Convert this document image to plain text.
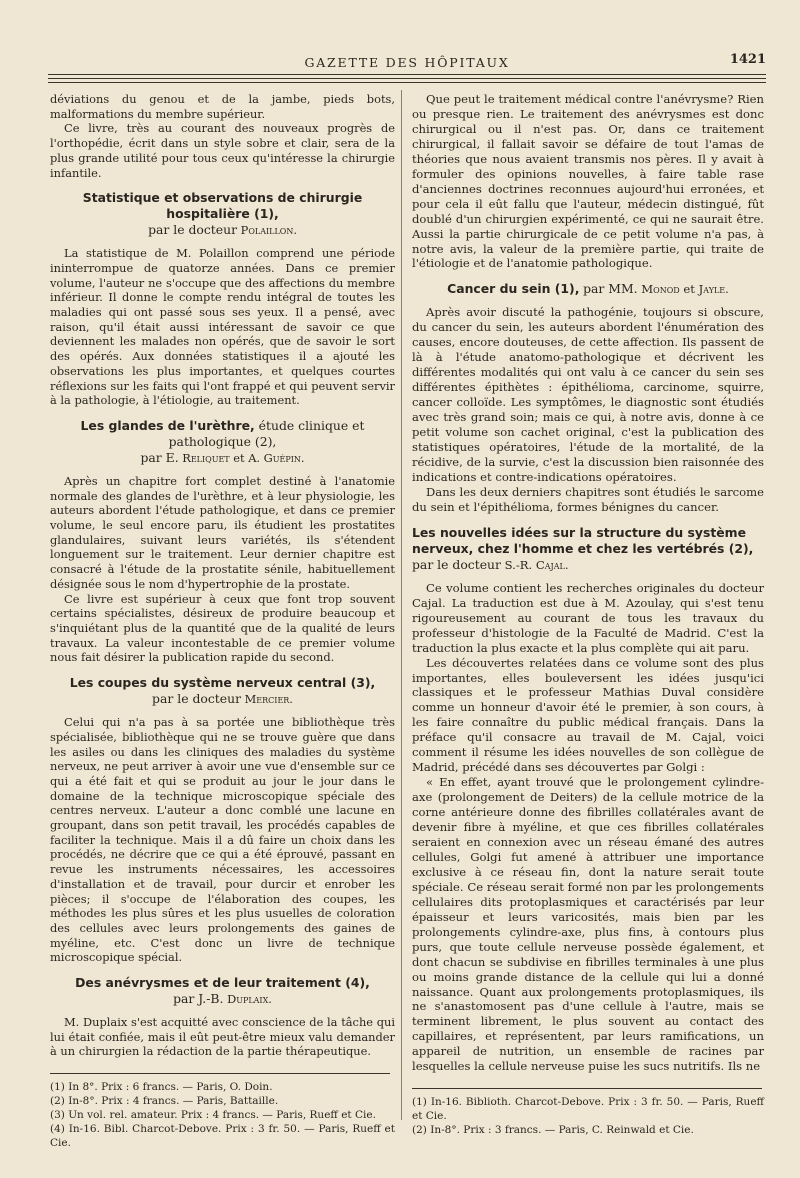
GAZETTE DES HÔPITAUX	1421

déviations du genou et de la jambe, pieds bots, malformations du membre supérieur.

Ce livre, très au courant des nouveaux progrès de l'orthopédie, écrit dans un style sobre et clair, sera de la plus grande utilité pour tous ceux qu'intéresse la chirurgie infantile.

Statistique et observations de chirurgie hospitalière (1),
par le docteur Polaillon.

La statistique de M. Polaillon comprend une période ininterrompue de quatorze années. Dans ce premier volume, l'auteur ne s'occupe que des affections du membre inférieur. Il donne le compte rendu intégral de toutes les maladies qui ont passé sous ses yeux. Il a pensé, avec raison, qu'il était aussi intéressant de savoir ce que deviennent les malades non opérés, que de savoir le sort des opérés. Aux données statistiques il a ajouté les observations les plus importantes, et quelques courtes réflexions sur les faits qui l'ont frappé et qui peuvent servir à la pathologie, à l'étiologie, au traitement.

Les glandes de l'urèthre, étude clinique et pathologique (2),
par E. Reliquet et A. Guépin.

Après un chapitre fort complet destiné à l'anatomie normale des glandes de l'urèthre, et à leur physiologie, les auteurs abordent l'étude pathologique, et dans ce premier volume, le seul encore paru, ils étudient les prostatites glandulaires, suivant leurs variétés, ils s'étendent longuement sur le traitement. Leur dernier chapitre est consacré à l'étude de la prostatite sénile, habituellement désignée sous le nom d'hypertrophie de la prostate.

Ce livre est supérieur à ceux que font trop souvent certains spécialistes, désireux de produire beaucoup et s'inquiétant plus de la quantité que de la qualité de leurs travaux. La valeur incontestable de ce premier volume nous fait désirer la publication rapide du second.

Les coupes du système nerveux central (3),
par le docteur Mercier.

Celui qui n'a pas à sa portée une bibliothèque très spécialisée, bibliothèque qui ne se trouve guère que dans les asiles ou dans les cliniques des maladies du système nerveux, ne peut arriver à avoir une vue d'ensemble sur ce qui a été fait et qui se produit au jour le jour dans le domaine de la technique microscopique spéciale des centres nerveux. L'auteur a donc comblé une lacune en groupant, dans son petit travail, les procédés capables de faciliter la technique. Mais il a dû faire un choix dans les procédés, ne décrire que ce qui a été éprouvé, passant en revue les instruments nécessaires, les accessoires d'installation et de travail, pour durcir et enrober les pièces; il s'occupe de l'élaboration des coupes, les méthodes les plus sûres et les plus usuelles de coloration des cellules avec leurs prolongements des gaines de myéline, etc. C'est donc un livre de technique microscopique spécial.

Des anévrysmes et de leur traitement (4),
par J.-B. Duplaix.

M. Duplaix s'est acquitté avec conscience de la tâche qui lui était confiée, mais il eût peut-être mieux valu demander à un chirurgien la rédaction de la partie thérapeutique.

(1) In 8°. Prix : 6 francs. — Paris, O. Doin.
(2) In-8°. Prix : 4 francs. — Paris, Battaille.
(3) Un vol. rel. amateur. Prix : 4 francs. — Paris, Rueff et Cie.
(4) In-16. Bibl. Charcot-Debove. Prix : 3 fr. 50. — Paris, Rueff et Cie.

Que peut le traitement médical contre l'anévrysme? Rien ou presque rien. Le traitement des anévrysmes est donc chirurgical ou il n'est pas. Or, dans ce traitement chirurgical, il fallait savoir se défaire de tout l'amas de théories que nous avaient transmis nos pères. Il y avait à formuler des opinions nouvelles, à faire table rase d'anciennes doctrines reconnues aujourd'hui erronées, et pour cela il eût fallu que l'auteur, médecin distingué, fût doublé d'un chirurgien expérimenté, ce qui ne saurait être. Aussi la partie chirurgicale de ce petit volume n'a pas, à notre avis, la valeur de la première partie, qui traite de l'étiologie et de l'anatomie pathologique.

Cancer du sein (1), par MM. Monod et Jayle.

Après avoir discuté la pathogénie, toujours si obscure, du cancer du sein, les auteurs abordent l'énumération des causes, encore douteuses, de cette affection. Ils passent de là à l'étude anatomo-pathologique et décrivent les différentes modalités qui ont valu à ce cancer du sein ses différentes épithètes : épithélioma, carcinome, squirre, cancer colloïde. Les symptômes, le diagnostic sont étudiés avec très grand soin; mais ce qui, à notre avis, donne à ce petit volume son cachet original, c'est la publication des statistiques opératoires, l'étude de la mortalité, de la récidive, de la survie, c'est la discussion bien raisonnée des indications et contre-indications opératoires.

Dans les deux derniers chapitres sont étudiés le sarcome du sein et l'épithélioma, formes bénignes du cancer.

Les nouvelles idées sur la structure du système nerveux, chez l'homme et chez les vertébrés (2), par le docteur S.-R. Cajal.

Ce volume contient les recherches originales du docteur Cajal. La traduction est due à M. Azoulay, qui s'est tenu rigoureusement au courant de tous les travaux du professeur d'histologie de la Faculté de Madrid. C'est la traduction la plus exacte et la plus complète qui ait paru.

Les découvertes relatées dans ce volume sont des plus importantes, elles bouleversent les idées jusqu'ici classiques et le professeur Mathias Duval considère comme un honneur d'avoir été le premier, à son cours, à les faire connaître du public médical français. Dans la préface qu'il consacre au travail de M. Cajal, voici comment il résume les idées nouvelles de son collègue de Madrid, précédé dans ses découvertes par Golgi :

« En effet, ayant trouvé que le prolongement cylindre-axe (prolongement de Deiters) de la cellule motrice de la corne antérieure donne des fibrilles collatérales avant de devenir fibre à myéline, et que ces fibrilles collatérales seraient en connexion avec un réseau émané des autres cellules, Golgi fut amené à attribuer une importance exclusive à ce réseau fin, dont la nature serait toute spéciale. Ce réseau serait formé non par les prolongements cellulaires dits protoplasmiques et caractérisés par leur épaisseur et leurs varicosités, mais bien par les prolongements cylindre-axe, plus fins, à contours plus purs, que toute cellule nerveuse possède également, et dont chacun se subdivise en fibrilles terminales à une plus ou moins grande distance de la cellule qui lui a donné naissance. Quant aux prolongements protoplasmiques, ils ne s'anastomosent pas d'une cellule à l'autre, mais se terminent librement, le plus souvent au contact des capillaires, et représentent, par leurs ramifications, un appareil de nutrition, un ensemble de racines par lesquelles la cellule nerveuse puise les sucs nutritifs. Ils ne

(1) In-16. Biblioth. Charcot-Debove. Prix : 3 fr. 50. — Paris, Rueff et Cie.
(2) In-8°. Prix : 3 francs. — Paris, C. Reinwald et Cie.
